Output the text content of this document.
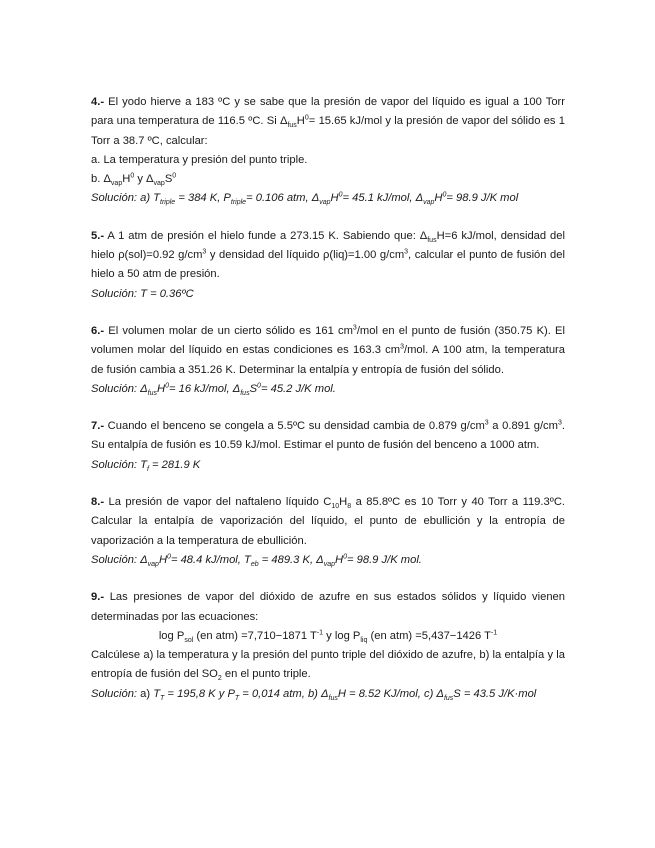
4.- El yodo hierve a 183 ºC y se sabe que la presión de vapor del líquido es igual a 100 Torr para una temperatura de 116.5 ºC. Si $\Delta_{fus}H^0= 15.65$ kJ/mol y la presión de vapor del sólido es 1 Torr a 38.7 ºC, calcular:

a. La temperatura y presión del punto triple.

b. $\Delta_{vap}H^0$ y $\Delta_{vap}S^0$

Solución: a) $T_{triple} = 384$ K, $P_{triple}= 0.106$ atm, $\Delta_{vap}H^0= 45.1$ kJ/mol, $\Delta_{vap}H^0= 98.9$ J/K mol

5.- A 1 atm de presión el hielo funde a 273.15 K. Sabiendo que: $\Delta_{fus}H=6$ kJ/mol, densidad del hielo ρ(sol)=0.92 $g/cm^3$ y densidad del líquido ρ(liq)=1.00 $g/cm^3$, calcular el punto de fusión del hielo a 50 atm de presión.

Solución: T = 0.36ºC

6.- El volumen molar de un cierto sólido es 161 $cm^3$/mol en el punto de fusión (350.75 K). El volumen molar del líquido en estas condiciones es 163.3 $cm^3$/mol. A 100 atm, la temperatura de fusión cambia a 351.26 K. Determinar la entalpía y entropía de fusión del sólido.

Solución: $\Delta_{fus}H^0= 16$ kJ/mol, $\Delta_{fus}S^0= 45.2$ J/K mol.

7.- Cuando el benceno se congela a 5.5ºC su densidad cambia de 0.879 $g/cm^3$ a 0.891 $g/cm^3$. Su entalpía de fusión es 10.59 kJ/mol. Estimar el punto de fusión del benceno a 1000 atm.

Solución: $T_f = 281.9$ K

8.- La presión de vapor del naftaleno líquido $C_{10}H_8$ a 85.8ºC es 10 Torr y 40 Torr a 119.3ºC. Calcular la entalpía de vaporización del líquido, el punto de ebullición y la entropía de vaporización a la temperatura de ebullición.

Solución: $\Delta_{vap}H^0= 48.4$ kJ/mol, $T_{eb} = 489.3$ K, $\Delta_{vap}H^0= 98.9$ J/K mol.

9.- Las presiones de vapor del dióxido de azufre en sus estados sólidos y líquido vienen determinadas por las ecuaciones:

$\log P_{sol}$ (en atm) =7,710−1871 $T^{-1}$ y $\log P_{liq}$ (en atm) =5,437−1426 $T^{-1}$

Calcúlese a) la temperatura y la presión del punto triple del dióxido de azufre, b) la entalpía y la entropía de fusión del $SO_2$ en el punto triple.

Solución: a) $T_T = 195,8$ K y $P_T = 0,014$ atm, b) $\Delta_{fus}H = 8.52$ KJ/mol, c) $\Delta_{fus}S = 43.5$ J/K·mol
